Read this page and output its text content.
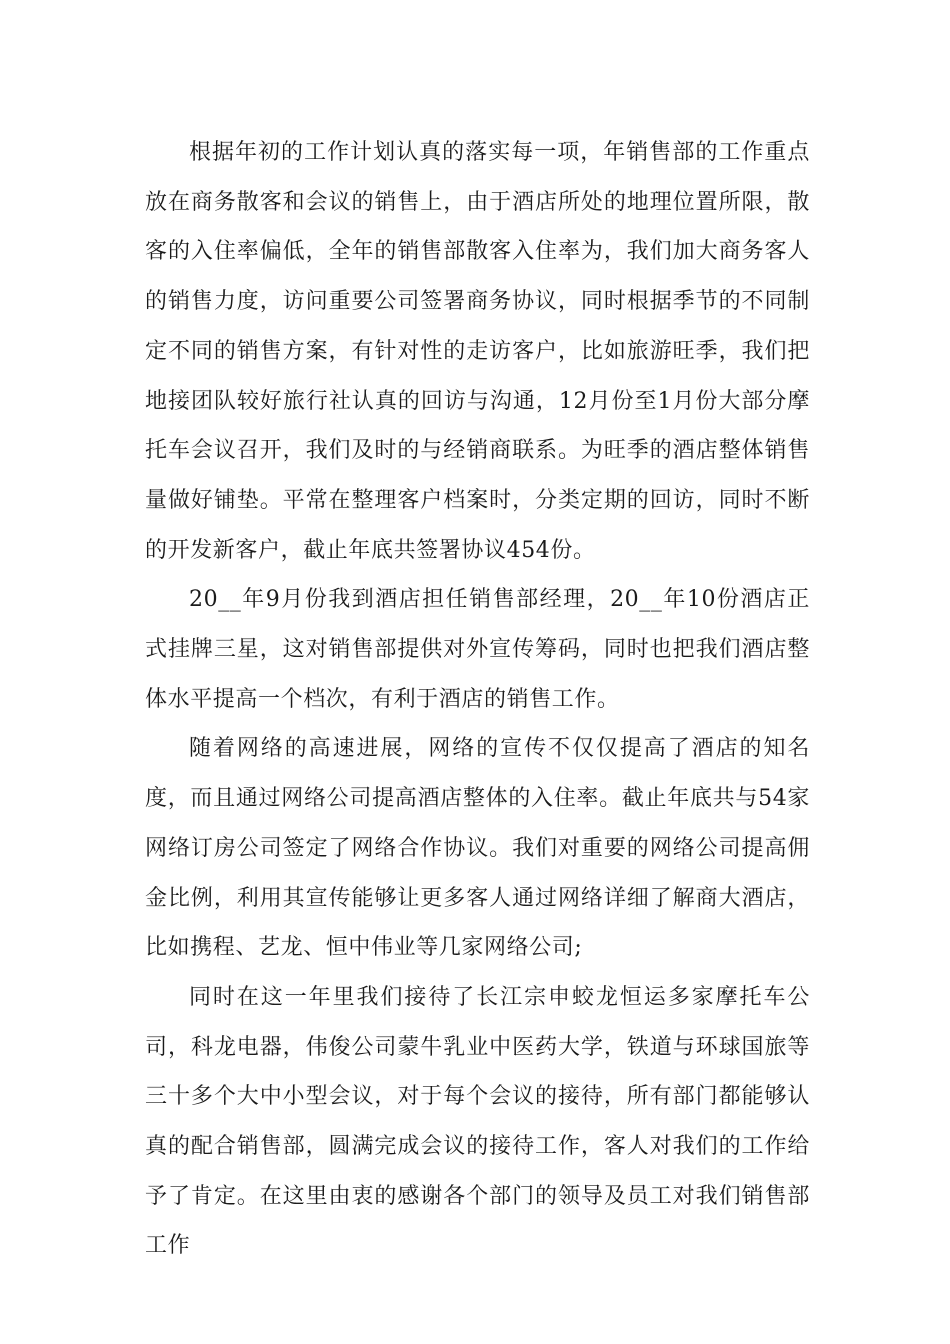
根据年初的工作计划认真的落实每一项，年销售部的工作重点放在商务散客和会议的销售上，由于酒店所处的地理位置所限，散客的入住率偏低，全年的销售部散客入住率为，我们加大商务客人的销售力度，访问重要公司签署商务协议，同时根据季节的不同制定不同的销售方案，有针对性的走访客户，比如旅游旺季，我们把地接团队较好旅行社认真的回访与沟通，12月份至1月份大部分摩托车会议召开，我们及时的与经销商联系。为旺季的酒店整体销售量做好铺垫。平常在整理客户档案时，分类定期的回访，同时不断的开发新客户，截止年底共签署协议454份。

20__年9月份我到酒店担任销售部经理，20__年10份酒店正式挂牌三星，这对销售部提供对外宣传筹码，同时也把我们酒店整体水平提高一个档次，有利于酒店的销售工作。

随着网络的高速进展，网络的宣传不仅仅提高了酒店的知名度，而且通过网络公司提高酒店整体的入住率。截止年底共与54家网络订房公司签定了网络合作协议。我们对重要的网络公司提高佣金比例，利用其宣传能够让更多客人通过网络详细了解商大酒店，比如携程、艺龙、恒中伟业等几家网络公司;

同时在这一年里我们接待了长江宗申蛟龙恒运多家摩托车公司，科龙电器，伟俊公司蒙牛乳业中医药大学，铁道与环球国旅等三十多个大中小型会议，对于每个会议的接待，所有部门都能够认真的配合销售部，圆满完成会议的接待工作，客人对我们的工作给予了肯定。在这里由衷的感谢各个部门的领导及员工对我们销售部工作
